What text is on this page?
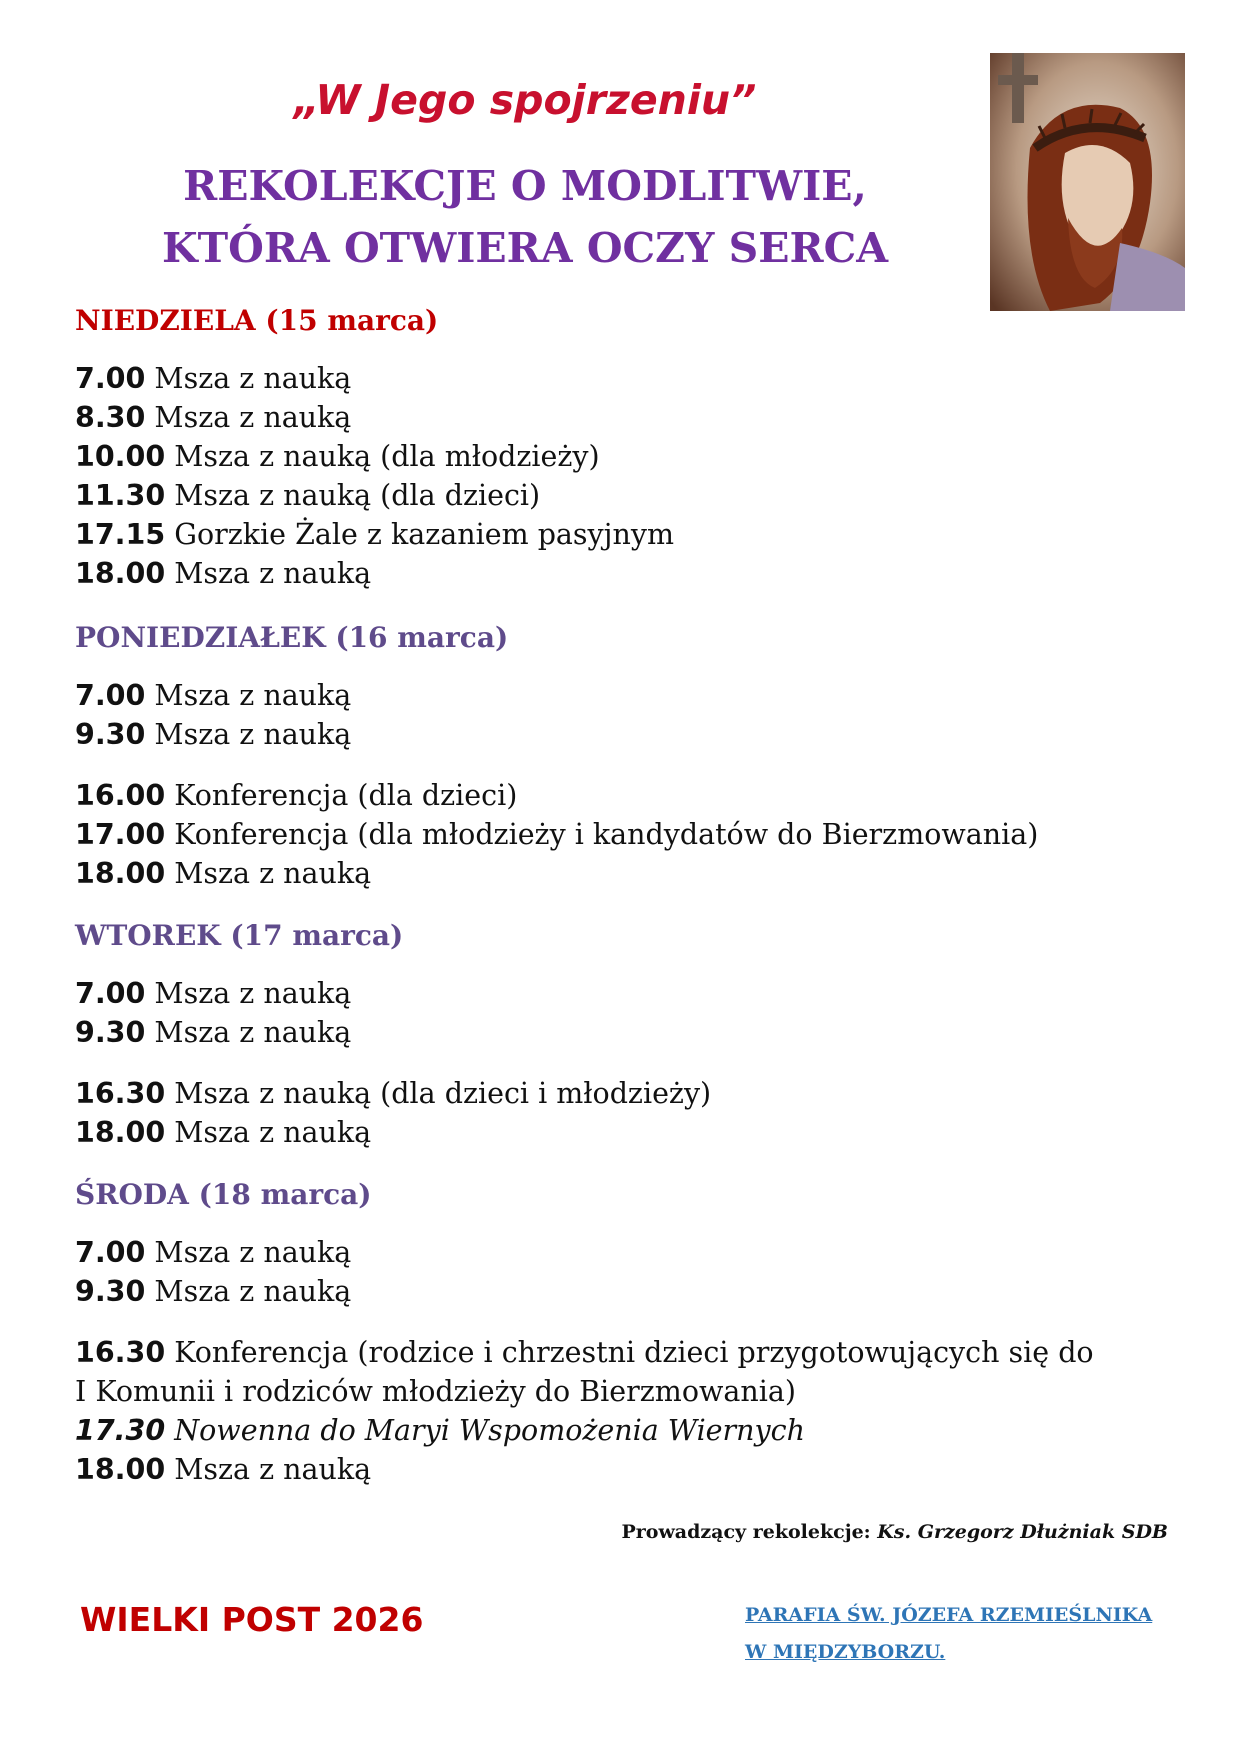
„W Jego spojrzeniu”
REKOLEKCJE O MODLITWIE,
KTÓRA OTWIERA OCZY SERCA
NIEDZIELA (15 marca)
7.00 Msza z nauką
8.30 Msza z nauką
10.00 Msza z nauką (dla młodzieży)
11.30 Msza z nauką (dla dzieci)
17.15 Gorzkie Żale z kazaniem pasyjnym
18.00 Msza z nauką
PONIEDZIAŁEK (16 marca)
7.00 Msza z nauką
9.30 Msza z nauką
16.00 Konferencja (dla dzieci)
17.00 Konferencja (dla młodzieży i kandydatów do Bierzmowania)
18.00 Msza z nauką
WTOREK (17 marca)
7.00 Msza z nauką
9.30 Msza z nauką
16.30 Msza z nauką (dla dzieci i młodzieży)
18.00 Msza z nauką
ŚRODA (18 marca)
7.00 Msza z nauką
9.30 Msza z nauką
16.30 Konferencja (rodzice i chrzestni dzieci przygotowujących się do
I Komunii i rodziców młodzieży do Bierzmowania)
17.30 Nowenna do Maryi Wspomożenia Wiernych
18.00 Msza z nauką
Prowadzący rekolekcje: Ks. Grzegorz Dłużniak SDB

WIELKI POST 2026	PARAFIA ŚW. JÓZEFA RZEMIEŚLNIKA
W MIĘDZYBORZU.
